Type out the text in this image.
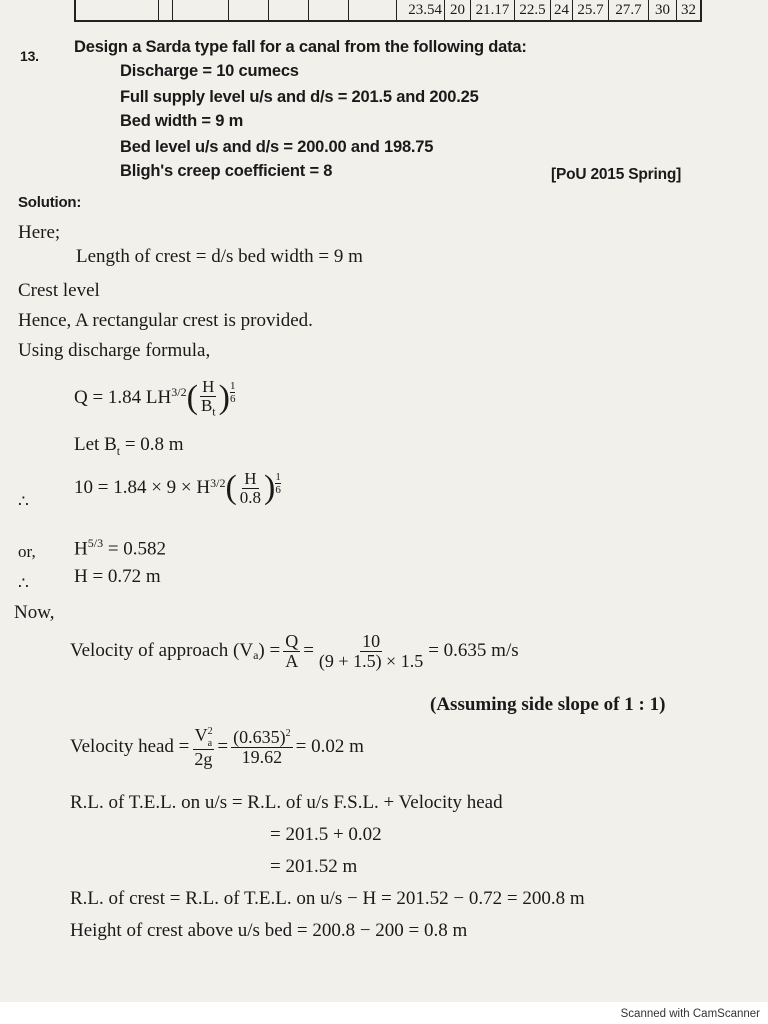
23.54 20 21.17 22.5 24 25.7 27.7 30 32
13. Design a Sarda type fall for a canal from the following data:
Discharge = 10 cumecs
Full supply level u/s and d/s = 201.5 and 200.25
Bed width = 9 m
Bed level u/s and d/s = 200.00 and 198.75
Bligh's creep coefficient = 8	[PoU 2015 Spring]
Solution:
Here;
Length of crest = d/s bed width = 9 m
Crest level
Hence, A rectangular crest is provided.
Using discharge formula,
Q = 1.84 $LH^{3/2}$ ( $\frac{H}{B_t}$ ) $\frac{1}{6}$
Let $B_t = 0.8$ m
∴
$10 = 1.84 \times 9 \times H^{3/2}$ ( $\frac{H}{0.8}$ ) $\frac{1}{6}$
or, $H^{5/3} = 0.582$
∴ H = 0.72 m
Now,
Velocity of approach ($V_a$ ) = $\frac{Q}{A} = \frac{10}{(9 + 1.5) \times 1.5} = 0.635$ m/s
(Assuming side slope of 1 : 1)
Velocity head = $\frac{V^2_a}{2g} = \frac{(0.635)^2}{19.62} = 0.02$ m
R.L. of T.E.L. on u/s = R.L. of u/s F.S.L. + Velocity head
= 201.5 + 0.02
= 201.52 m
R.L. of crest = R.L. of T.E.L. on u/s − H = 201.52 − 0.72 = 200.8 m
Height of crest above u/s bed = 200.8 − 200 = 0.8 m
Scanned with CamScanner
